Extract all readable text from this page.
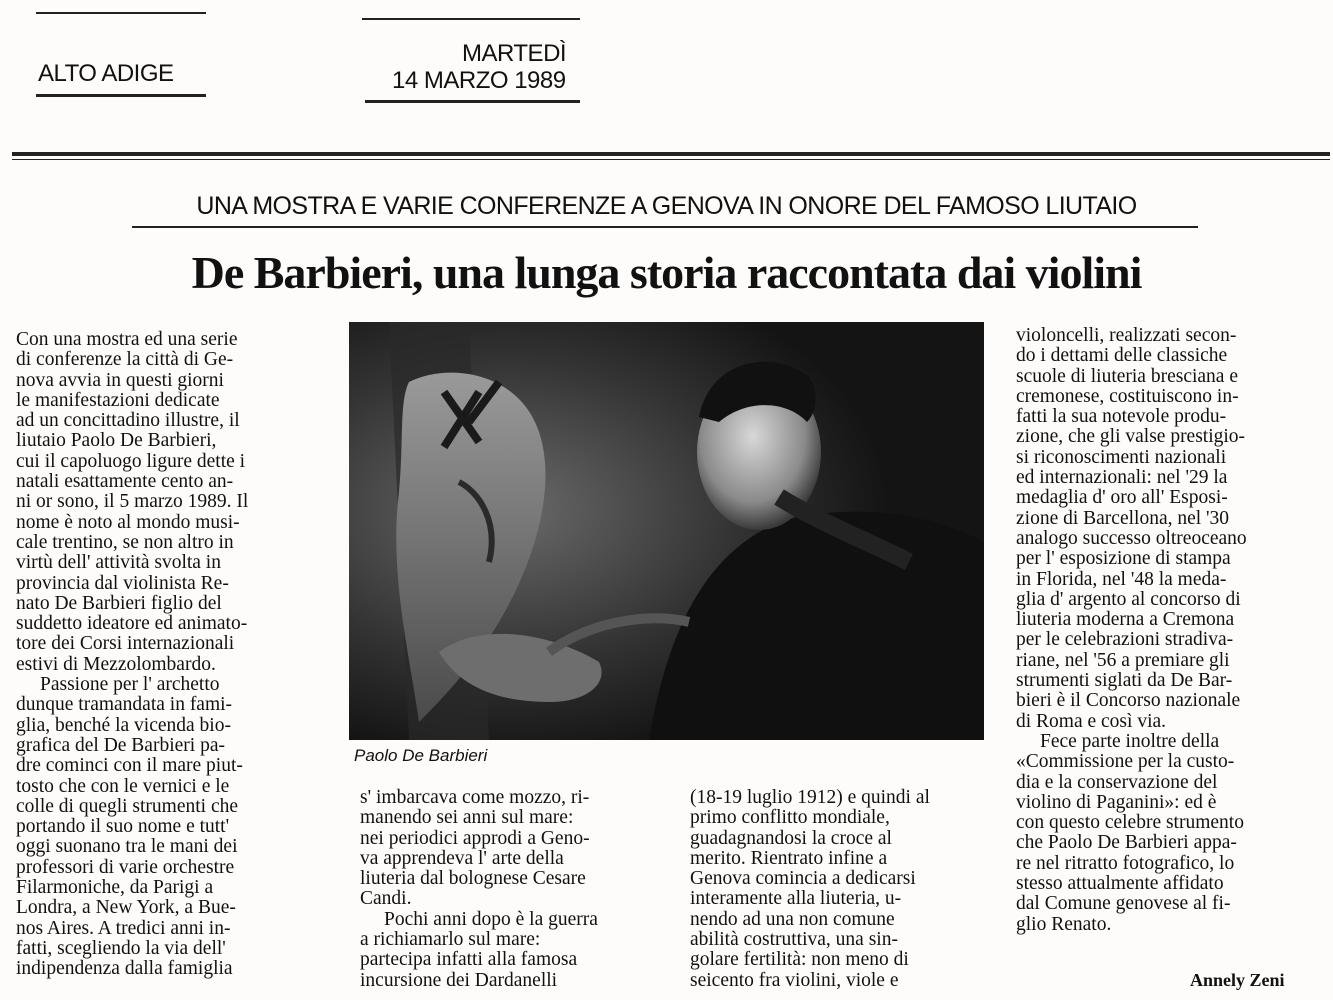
ALTO ADIGE
MARTEDÌ
14 MARZO 1989
UNA MOSTRA E VARIE CONFERENZE A GENOVA IN ONORE DEL FAMOSO LIUTAIO
De Barbieri, una lunga storia raccontata dai violini
Con una mostra ed una serie
di conferenze la città di Ge-
nova avvia in questi giorni
le manifestazioni dedicate
ad un concittadino illustre, il
liutaio Paolo De Barbieri,
cui il capoluogo ligure dette i
natali esattamente cento an-
ni or sono, il 5 marzo 1989. Il
nome è noto al mondo musi-
cale trentino, se non altro in
virtù dell' attività svolta in
provincia dal violinista Re-
nato De Barbieri figlio del
suddetto ideatore ed animato-
tore dei Corsi internazionali
estivi di Mezzolombardo.
Passione per l' archetto
dunque tramandata in fami-
glia, benché la vicenda bio-
grafica del De Barbieri pa-
dre cominci con il mare piut-
tosto che con le vernici e le
colle di quegli strumenti che
portando il suo nome e tutt'
oggi suonano tra le mani dei
professori di varie orchestre
Filarmoniche, da Parigi a
Londra, a New York, a Bue-
nos Aires. A tredici anni in-
fatti, scegliendo la via dell'
indipendenza dalla famiglia
Paolo De Barbieri
s' imbarcava come mozzo, ri-
manendo sei anni sul mare:
nei periodici approdi a Geno-
va apprendeva l' arte della
liuteria dal bolognese Cesare
Candi.
Pochi anni dopo è la guerra
a richiamarlo sul mare:
partecipa infatti alla famosa
incursione dei Dardanelli
(18-19 luglio 1912) e quindi al
primo conflitto mondiale,
guadagnandosi la croce al
merito. Rientrato infine a
Genova comincia a dedicarsi
interamente alla liuteria, u-
nendo ad una non comune
abilità costruttiva, una sin-
golare fertilità: non meno di
seicento fra violini, viole e
violoncelli, realizzati secon-
do i dettami delle classiche
scuole di liuteria bresciana e
cremonese, costituiscono in-
fatti la sua notevole produ-
zione, che gli valse prestigio-
si riconoscimenti nazionali
ed internazionali: nel '29 la
medaglia d' oro all' Esposi-
zione di Barcellona, nel '30
analogo successo oltreoceano
per l' esposizione di stampa
in Florida, nel '48 la meda-
glia d' argento al concorso di
liuteria moderna a Cremona
per le celebrazioni stradiva-
riane, nel '56 a premiare gli
strumenti siglati da De Bar-
bieri è il Concorso nazionale
di Roma e così via.
Fece parte inoltre della
«Commissione per la custo-
dia e la conservazione del
violino di Paganini»: ed è
con questo celebre strumento
che Paolo De Barbieri appa-
re nel ritratto fotografico, lo
stesso attualmente affidato
dal Comune genovese al fi-
glio Renato.
Annely Zeni
